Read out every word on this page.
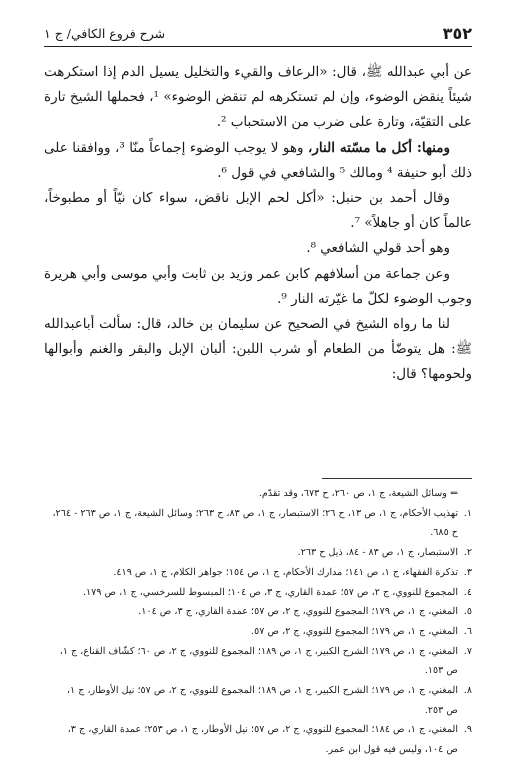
٣٥٢
شرح فروع الكافي/ ج ١

عن أبي عبدالله ﷺ، قال: «الرعاف والقيء والتخليل يسيل الدم إذا استكرهت شيئاً ينقض الوضوء، وإن لم تستكرهه لم تنقض الوضوء» ¹، فحملها الشيخ تارة على التقيّة، وتارة على ضرب من الاستحباب ².

ومنها: أكل ما مسّته النار، وهو لا يوجب الوضوء إجماعاً منّا ³، ووافقنا على ذلك أبو حنيفة ⁴ ومالك ⁵ والشافعي في قول ⁶.

وقال أحمد بن حنبل: «أكل لحم الإبل ناقض، سواء كان نيّاً أو مطبوخاً، عالماً كان أو جاهلاً» ⁷.

وهو أحد قولي الشافعي ⁸.

وعن جماعة من أسلافهم كابن عمر وزيد بن ثابت وأبي موسى وأبي هريرة وجوب الوضوء لكلّ ما غيّرته النار ⁹.

لنا ما رواه الشيخ في الصحيح عن سليمان بن خالد، قال: سألت أباعبدالله ﷺ: هل يتوضّأ من الطعام أو شرب اللبن: ألبان الإبل والبقر والغنم وأبوالها ولحومها؟ قال:

⇐ وسائل الشيعة، ج ١، ص ٢٦٠، ح ٦٧٣، وقد تقدّم.

١.تهذيب الأحكام، ج ١، ص ١٣، ح ٢٦؛ الاستبصار، ج ١، ص ٨٣، ح ٢٦٣؛ وسائل الشيعة، ج ١، ص ٢٦٣ - ٢٦٤،

ح ٦٨٥.

٢.الاستبصار، ج ١، ص ٨٣ - ٨٤، ذيل ح ٢٦٣.

٣.تذكرة الفقهاء، ج ١، ص ١٤١؛ مدارك الأحكام، ج ١، ص ١٥٤؛ جواهر الكلام، ج ١، ص ٤١٩.

٤.المجموع للنووي، ج ٢، ص ٥٧؛ عمدة القاري، ج ٣، ص ١٠٤؛ المبسوط للسرخسي، ج ١، ص ١٧٩.

٥.المغني، ج ١، ص ١٧٩؛ المجموع للنووي، ج ٢، ص ٥٧؛ عمدة القاري، ج ٣، ص ١٠٤.

٦.المغني، ج ١، ص ١٧٩؛ المجموع للنووي، ج ٢، ص ٥٧.

٧.المغني، ج ١، ص ١٧٩؛ الشرح الكبير، ج ١، ص ١٨٩؛ المجموع للنووي، ج ٢، ص ٦٠؛ كشّاف القناع، ج ١،

ص ١٥٣.

٨.المغني، ج ١، ص ١٧٩؛ الشرح الكبير، ج ١، ص ١٨٩؛ المجموع للنووي، ج ٢، ص ٥٧؛ نيل الأوطار، ج ١،

ص ٢٥٣.

٩.المغني، ج ١، ص ١٨٤؛ المجموع للنووي، ج ٢، ص ٥٧؛ نيل الأوطار، ج ١، ص ٢٥٣؛ عمدة القاري، ج ٣،

ص ١٠٤، وليس فيه قول ابن عمر.
